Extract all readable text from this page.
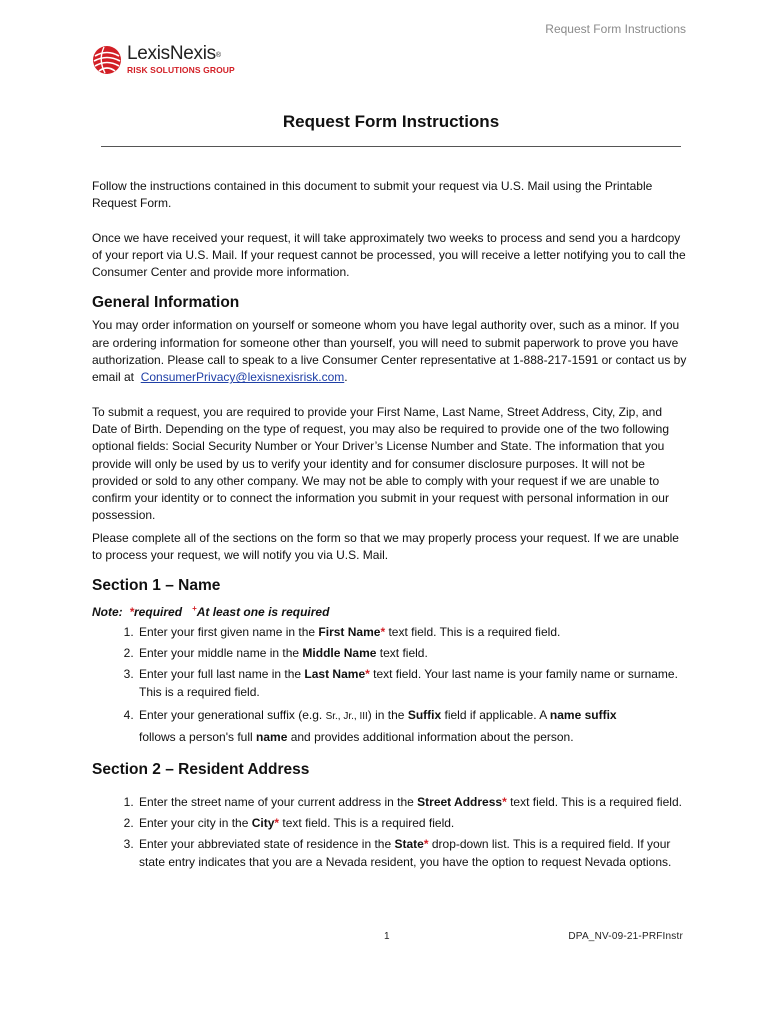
Request Form Instructions
LexisNexis®
RISK SOLUTIONS GROUP
Request Form Instructions

Follow the instructions contained in this document to submit your request via U.S. Mail using the Printable Request Form.

Once we have received your request, it will take approximately two weeks to process and send you a hardcopy of your report via U.S. Mail. If your request cannot be processed, you will receive a letter notifying you to call the Consumer Center and provide more information.

General Information

You may order information on yourself or someone whom you have legal authority over, such as a minor. If you are ordering information for someone other than yourself, you will need to submit paperwork to prove you have authorization. Please call to speak to a live Consumer Center representative at 1-888-217-1591 or contact us by email at ConsumerPrivacy@lexisnexisrisk.com.

To submit a request, you are required to provide your First Name, Last Name, Street Address, City, Zip, and Date of Birth. Depending on the type of request, you may also be required to provide one of the two following optional fields: Social Security Number or Your Driver’s License Number and State. The information that you provide will only be used by us to verify your identity and for consumer disclosure purposes. It will not be provided or sold to any other company. We may not be able to comply with your request if we are unable to confirm your identity or to connect the information you submit in your request with personal information in our possession.

Please complete all of the sections on the form so that we may properly process your request. If we are unable to process your request, we will notify you via U.S. Mail.

Section 1 – Name
Note: *required +At least one is required
1. Enter your first given name in the First Name* text field. This is a required field.
2. Enter your middle name in the Middle Name text field.
3. Enter your full last name in the Last Name* text field. Your last name is your family name or surname. This is a required field.
4. Enter your generational suffix (e.g. Sr., Jr., III) in the Suffix field if applicable. A name suffix
follows a person's full name and provides additional information about the person.
Section 2 – Resident Address
1. Enter the street name of your current address in the Street Address* text field. This is a required field.
2. Enter your city in the City* text field. This is a required field.
3. Enter your abbreviated state of residence in the State* drop-down list. This is a required field. If your state entry indicates that you are a Nevada resident, you have the option to request Nevada options.
1	DPA_NV-09-21-PRFInstr
